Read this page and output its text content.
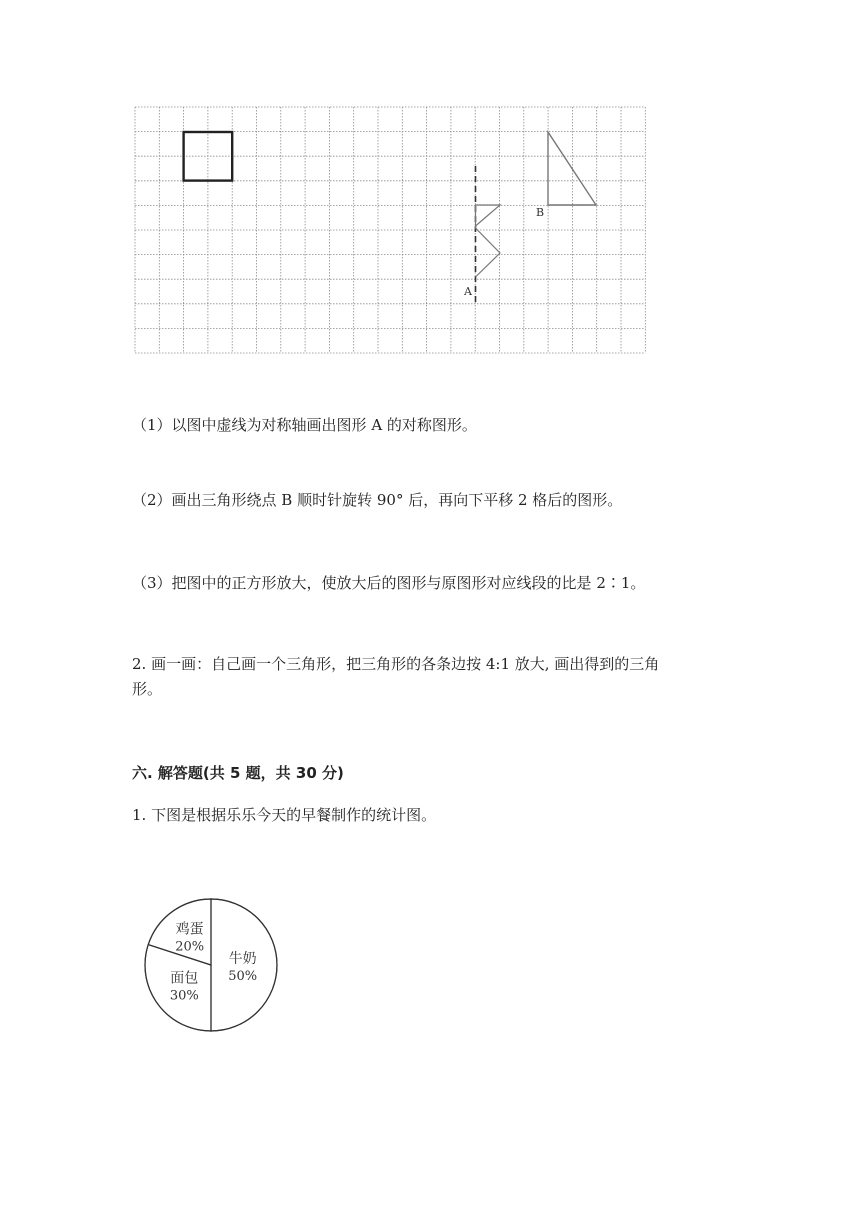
A
B
（1）以图中虚线为对称轴画出图形 A 的对称图形。
（2）画出三角形绕点 B 顺时针旋转 90° 后，再向下平移 2 格后的图形。
（3）把图中的正方形放大，使放大后的图形与原图形对应线段的比是 2∶1。
2. 画一画：自己画一个三角形，把三角形的各条边按 4:1 放大, 画出得到的三角
形。
六. 解答题(共 5 题，共 30 分)
1. 下图是根据乐乐今天的早餐制作的统计图。
牛奶
50%
面包
30%
鸡蛋
20%
